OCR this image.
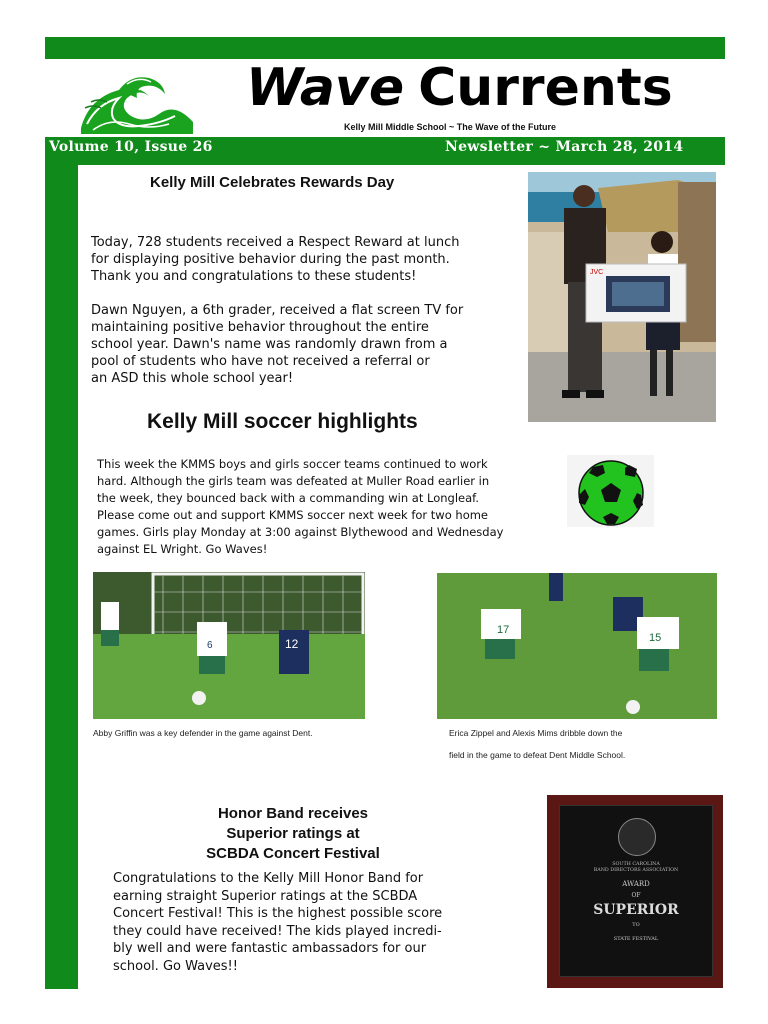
Volume 10, Issue 26	Newsletter ~ March 28, 2014
Wave Currents
Kelly Mill Middle School ~ The Wave of the Future
Kelly Mill Celebrates Rewards Day
Today, 728 students received a Respect Reward at lunch
for displaying positive behavior during the past month.
Thank you and congratulations to these students!
Dawn Nguyen, a 6th grader, received a flat screen TV for
maintaining positive behavior throughout the entire
school year. Dawn's name was randomly drawn from a
pool of students who have not received a referral or
an ASD this whole school year!
JVC
Kelly Mill soccer highlights
This week the KMMS boys and girls soccer teams continued to work
hard. Although the girls team was defeated at Muller Road earlier in
the week, they bounced back with a commanding win at Longleaf.
Please come out and support KMMS soccer next week for two home
games. Girls play Monday at 3:00 against Blythewood and Wednesday
against EL Wright. Go Waves!
6	12
Abby Griffin was a key defender in the game against Dent.
17
15
Erica Zippel and Alexis Mims dribble down the
field in the game to defeat Dent Middle School.
Honor Band receives
Superior ratings at
SCBDA Concert Festival
Congratulations to the Kelly Mill Honor Band for
earning straight Superior ratings at the SCBDA
Concert Festival! This is the highest possible score
they could have received! The kids played incredi-
bly well and were fantastic ambassadors for our
school. Go Waves!!
SOUTH CAROLINA
BAND DIRECTORS ASSOCIATION
AWARD
OF
SUPERIOR
TO
STATE FESTIVAL
